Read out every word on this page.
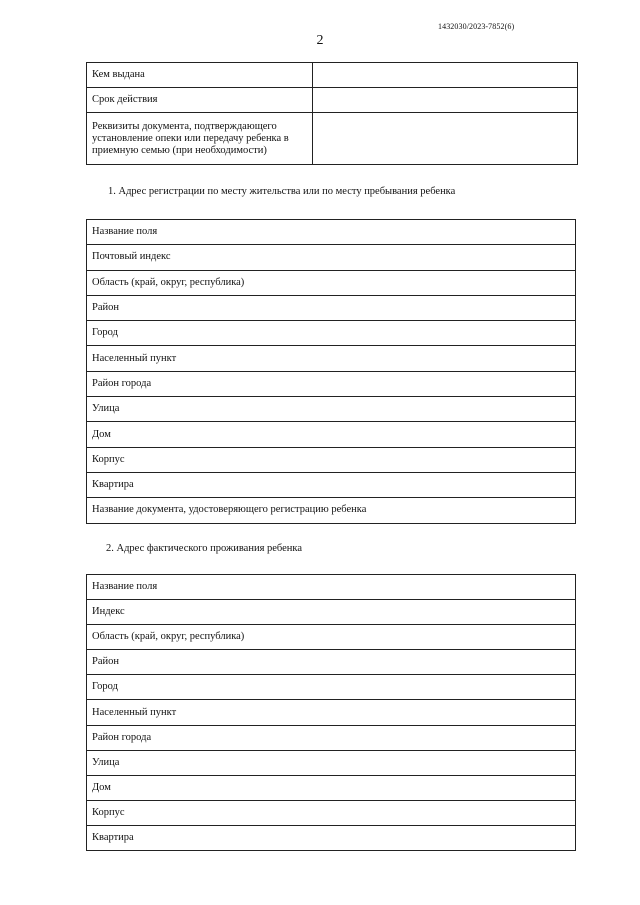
1432030/2023-7852(6)
2
Кем выдана	
Срок действия	
Реквизиты документа, подтверждающего установление опеки или передачу ребенка в приемную семью (при необходимости)	
1. Адрес регистрации по месту жительства или по месту пребывания ребенка
Название поля
Почтовый индекс
Область (край, округ, республика)
Район
Город
Населенный пункт
Район города
Улица
Дом
Корпус
Квартира
Название документа, удостоверяющего регистрацию ребенка
2. Адрес фактического проживания ребенка
Название поля
Индекс
Область (край, округ, республика)
Район
Город
Населенный пункт
Район города
Улица
Дом
Корпус
Квартира
